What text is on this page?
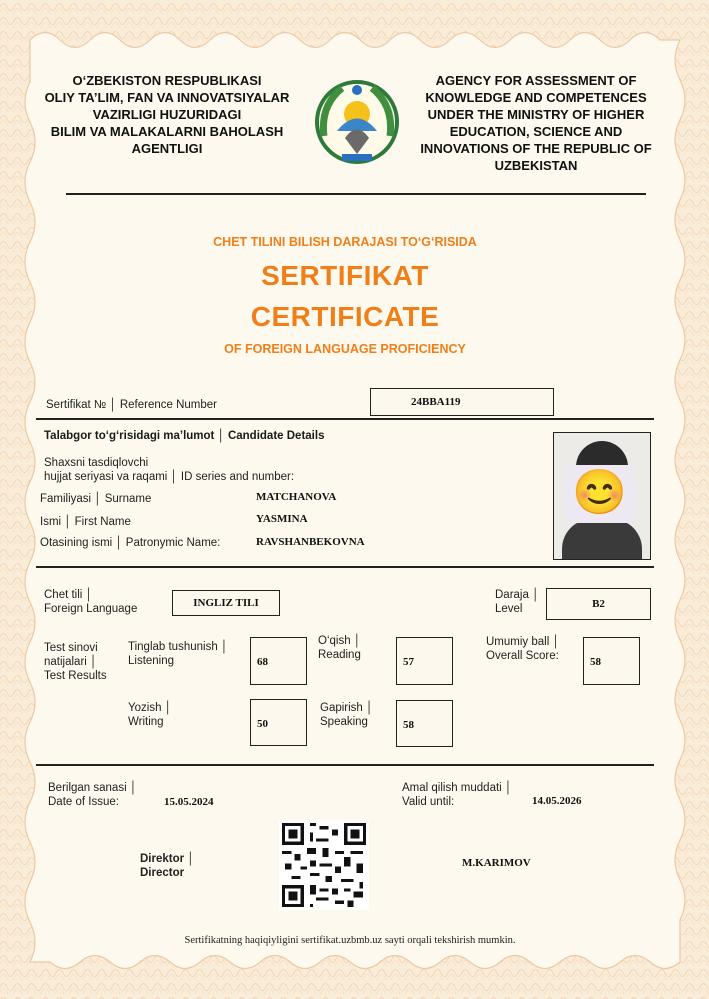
O‘ZBEKISTON RESPUBLIKASI
OLIY TA’LIM, FAN VA INNOVATSIYALAR
VAZIRLIGI HUZURIDAGI
BILIM VA MALAKALARNI BAHOLASH
AGENTLIGI
AGENCY FOR ASSESSMENT OF
KNOWLEDGE AND COMPETENCES
UNDER THE MINISTRY OF HIGHER
EDUCATION, SCIENCE AND
INNOVATIONS OF THE REPUBLIC OF
UZBEKISTAN
CHET TILINI BILISH DARAJASI TO‘G‘RISIDA
SERTIFIKAT
CERTIFICATE
OF FOREIGN LANGUAGE PROFICIENCY
Sertifikat № │ Reference Number	24BBA119
Talabgor to‘g‘risidagi ma’lumot │ Candidate Details
Shaxsni tasdiqlovchi
hujjat seriyasi va raqami │ ID series and number:
Familiyasi │ Surname	MATCHANOVA
Ismi │ First Name	YASMINA
Otasining ismi │ Patronymic Name:	RAVSHANBEKOVNA
😊
Chet tili │
Foreign Language	INGLIZ TILI
Daraja │
Level	B2
Test sinovi
natijalari │
Test Results
Tinglab tushunish │
Listening	68
O‘qish │
Reading
57
Umumiy ball │
Overall Score:	58
Yozish │
Writing	50
Gapirish │
Speaking	58
Berilgan sanasi │
Date of Issue:	15.05.2024
Amal qilish muddati │
Valid until:	14.05.2026
Direktor │
Director
M.KARIMOV
Sertifikatning haqiqiyligini sertifikat.uzbmb.uz sayti orqali tekshirish mumkin.
